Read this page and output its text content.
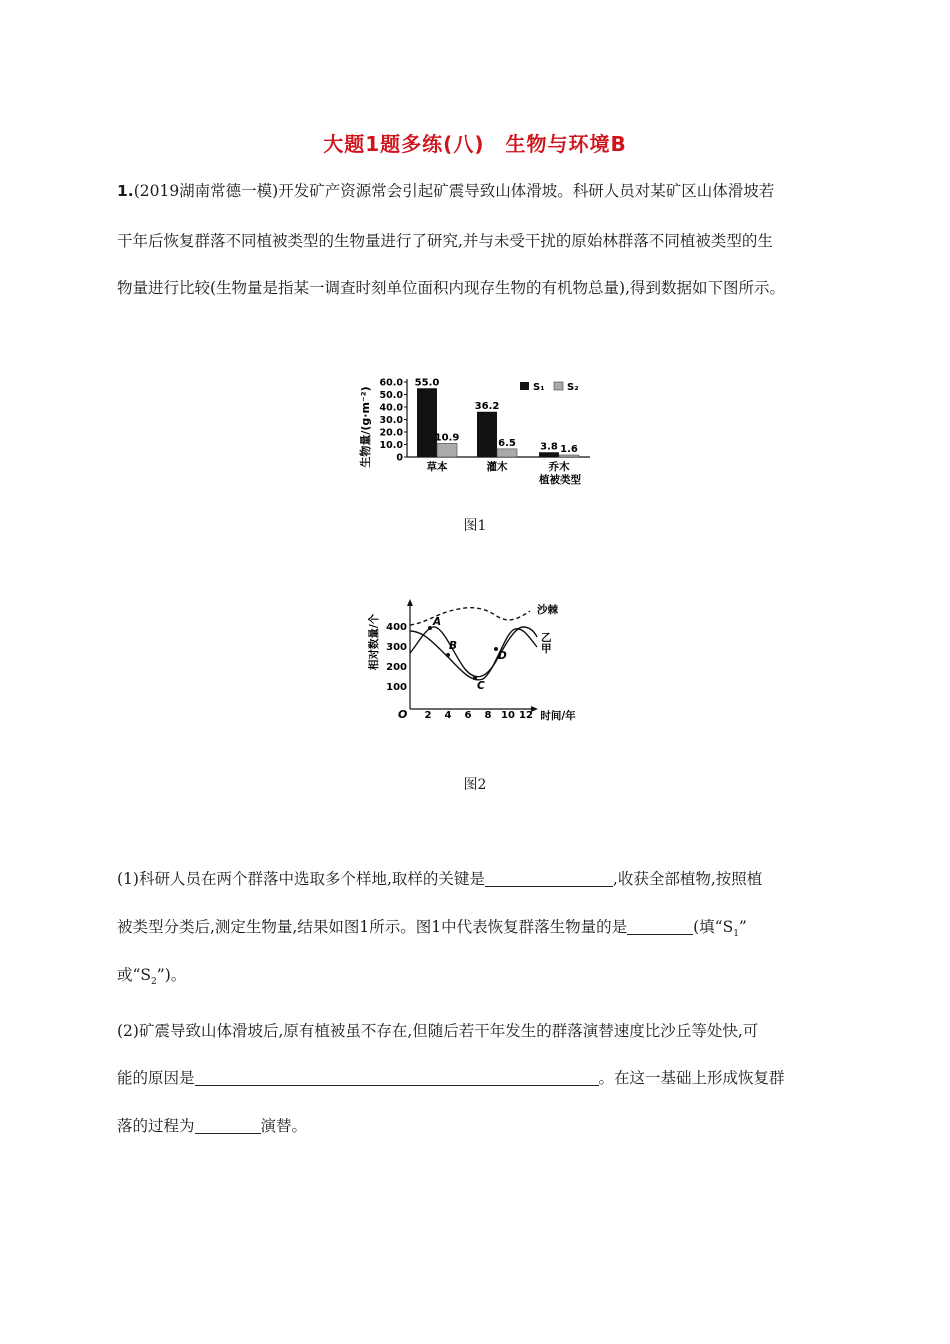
大题1题多练(八)　生物与环境B
1.(2019湖南常德一模)开发矿产资源常会引起矿震导致山体滑坡。科研人员对某矿区山体滑坡若
干年后恢复群落不同植被类型的生物量进行了研究,并与未受干扰的原始林群落不同植被类型的生
物量进行比较(生物量是指某一调查时刻单位面积内现存生物的有机物总量),得到数据如下图所示。
生物量/(g·m⁻²)
60.0
50.0
40.0
30.0
20.0
10.0
0
55.0
10.9
36.2
6.5 3.8 1.6
草本	灌木	乔木
S₁ S₂
植被类型
图1
相对数量/个
O
400
300
200
100
2 4 6 8 10 12 时间/年
沙棘
甲
乙
A
B
C
D
图2
(1)科研人员在两个群落中选取多个样地,取样的关键是	,收获全部植物,按照植
被类型分类后,测定生物量,结果如图1所示。图1中代表恢复群落生物量的是	(填“$S_1$”
或“$S_2$”)。
(2)矿震导致山体滑坡后,原有植被虽不存在,但随后若干年发生的群落演替速度比沙丘等处快,可
能的原因是	。在这一基础上形成恢复群
落的过程为	演替。
